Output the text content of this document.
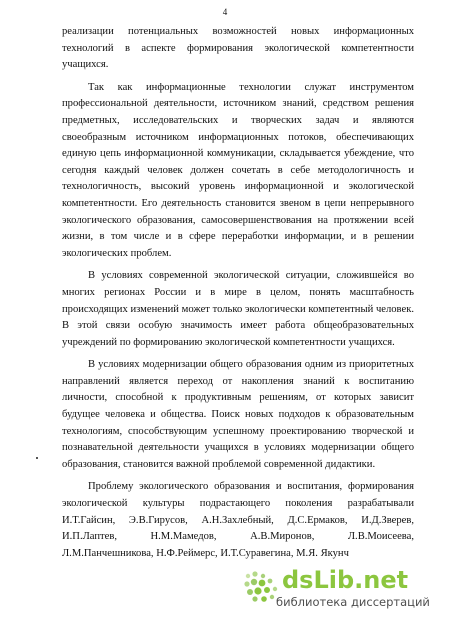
4

реализации потенциальных возможностей новых информационных технологий в аспекте формирования экологической компетентности учащихся.

Так как информационные технологии служат инструментом профессиональной деятельности, источником знаний, средством решения предметных, исследовательских и творческих задач и являются своеобразным источником информационных потоков, обеспечивающих единую цепь информационной коммуникации, складывается убеждение, что сегодня каждый человек должен сочетать в себе методологичность и технологичность, высокий уровень информационной и экологической компетентности. Его деятельность становится звеном в цепи непрерывного экологического образования, самосовершенствования на протяжении всей жизни, в том числе и в сфере переработки информации, и в решении экологических проблем.

В условиях современной экологической ситуации, сложившейся во многих регионах России и в мире в целом, понять масштабность происходящих изменений может только экологически компетентный человек. В этой связи особую значимость имеет работа общеобразовательных учреждений по формированию экологической компетентности учащихся.

В условиях модернизации общего образования одним из приоритетных направлений является переход от накопления знаний к воспитанию личности, способной к продуктивным решениям, от которых зависит будущее человека и общества. Поиск новых подходов к образовательным технологиям, способствующим успешному проектированию творческой и познавательной деятельности учащихся в условиях модернизации общего образования, становится важной проблемой современной дидактики.

Проблему экологического образования и воспитания, формирования экологической культуры подрастающего поколения разрабатывали И.Т.Гайсин, Э.В.Гирусов, А.Н.Захлебный, Д.С.Ермаков, И.Д.Зверев, И.П.Лаптев, Н.М.Мамедов, А.В.Миронов, Л.В.Моисеева, Л.М.Панчешникова, Н.Ф.Реймерс, И.Т.Суравегина, М.Я. Якунч

dsLib.net
библиотека диссертаций
